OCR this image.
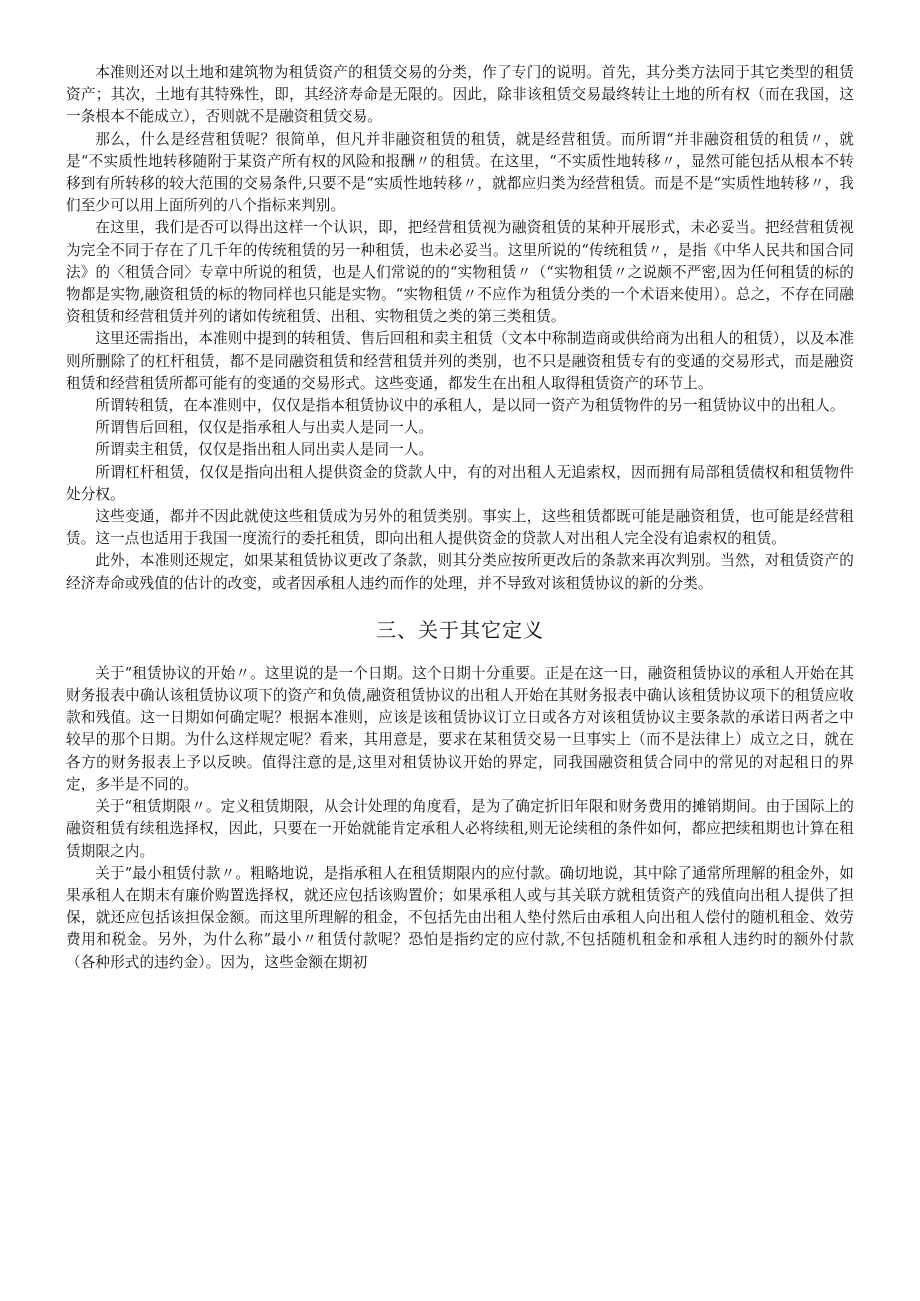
本准则还对以土地和建筑物为租赁资产的租赁交易的分类，作了专门的说明。首先，其分类方法同于其它类型的租赁资产；其次，土地有其特殊性，即，其经济寿命是无限的。因此，除非该租赁交易最终转让土地的所有权（而在我国，这一条根本不能成立），否则就不是融资租赁交易。

那么，什么是经营租赁呢？很简单，但凡并非融资租赁的租赁，就是经营租赁。而所谓“并非融资租赁的租赁〃，就是“不实质性地转移随附于某资产所有权的风险和报酬〃的租赁。在这里，“不实质性地转移〃，显然可能包括从根本不转移到有所转移的较大范围的交易条件,只要不是“实质性地转移〃，就都应归类为经营租赁。而是不是“实质性地转移〃，我们至少可以用上面所列的八个指标来判别。

在这里，我们是否可以得出这样一个认识，即，把经营租赁视为融资租赁的某种开展形式，未必妥当。把经营租赁视为完全不同于存在了几千年的传统租赁的另一种租赁，也未必妥当。这里所说的“传统租赁〃，是指《中华人民共和国合同法》的〈租赁合同〉专章中所说的租赁，也是人们常说的的“实物租赁〃（“实物租赁〃之说颇不严密,因为任何租赁的标的物都是实物,融资租赁的标的物同样也只能是实物。“实物租赁〃不应作为租赁分类的一个术语来使用）。总之，不存在同融资租赁和经营租赁并列的诸如传统租赁、出租、实物租赁之类的第三类租赁。

这里还需指出，本准则中提到的转租赁、售后回租和卖主租赁（文本中称制造商或供给商为出租人的租赁），以及本准则所删除了的杠杆租赁，都不是同融资租赁和经营租赁并列的类别，也不只是融资租赁专有的变通的交易形式，而是融资租赁和经营租赁所都可能有的变通的交易形式。这些变通，都发生在出租人取得租赁资产的环节上。

所谓转租赁，在本准则中，仅仅是指本租赁协议中的承租人，是以同一资产为租赁物件的另一租赁协议中的出租人。

所谓售后回租，仅仅是指承租人与出卖人是同一人。

所谓卖主租赁，仅仅是指出租人同出卖人是同一人。

所谓杠杆租赁，仅仅是指向出租人提供资金的贷款人中，有的对出租人无追索权，因而拥有局部租赁债权和租赁物件处分权。

这些变通，都并不因此就使这些租赁成为另外的租赁类别。事实上，这些租赁都既可能是融资租赁，也可能是经营租赁。这一点也适用于我国一度流行的委托租赁，即向出租人提供资金的贷款人对出租人完全没有追索权的租赁。

此外，本准则还规定，如果某租赁协议更改了条款，则其分类应按所更改后的条款来再次判别。当然，对租赁资产的经济寿命或残值的估计的改变，或者因承租人违约而作的处理，并不导致对该租赁协议的新的分类。

三、关于其它定义

关于“租赁协议的开始〃。这里说的是一个日期。这个日期十分重要。正是在这一日，融资租赁协议的承租人开始在其财务报表中确认该租赁协议项下的资产和负债,融资租赁协议的出租人开始在其财务报表中确认该租赁协议项下的租赁应收款和残值。这一日期如何确定呢？根据本准则，应该是该租赁协议订立日或各方对该租赁协议主要条款的承诺日两者之中较早的那个日期。为什么这样规定呢？看来，其用意是，要求在某租赁交易一旦事实上（而不是法律上）成立之日，就在各方的财务报表上予以反映。值得注意的是,这里对租赁协议开始的界定，同我国融资租赁合同中的常见的对起租日的界定，多半是不同的。

关于“租赁期限〃。定义租赁期限，从会计处理的角度看，是为了确定折旧年限和财务费用的摊销期间。由于国际上的融资租赁有续租选择权，因此，只要在一开始就能肯定承租人必将续租,则无论续租的条件如何，都应把续租期也计算在租赁期限之内。

关于“最小租赁付款〃。粗略地说，是指承租人在租赁期限内的应付款。确切地说，其中除了通常所理解的租金外，如果承租人在期末有廉价购置选择权，就还应包括该购置价；如果承租人或与其关联方就租赁资产的残值向出租人提供了担保，就还应包括该担保金额。而这里所理解的租金，不包括先由出租人垫付然后由承租人向出租人偿付的随机租金、效劳费用和税金。另外，为什么称”最小〃租赁付款呢？恐怕是指约定的应付款,不包括随机租金和承租人违约时的额外付款（各种形式的违约金）。因为，这些金额在期初
